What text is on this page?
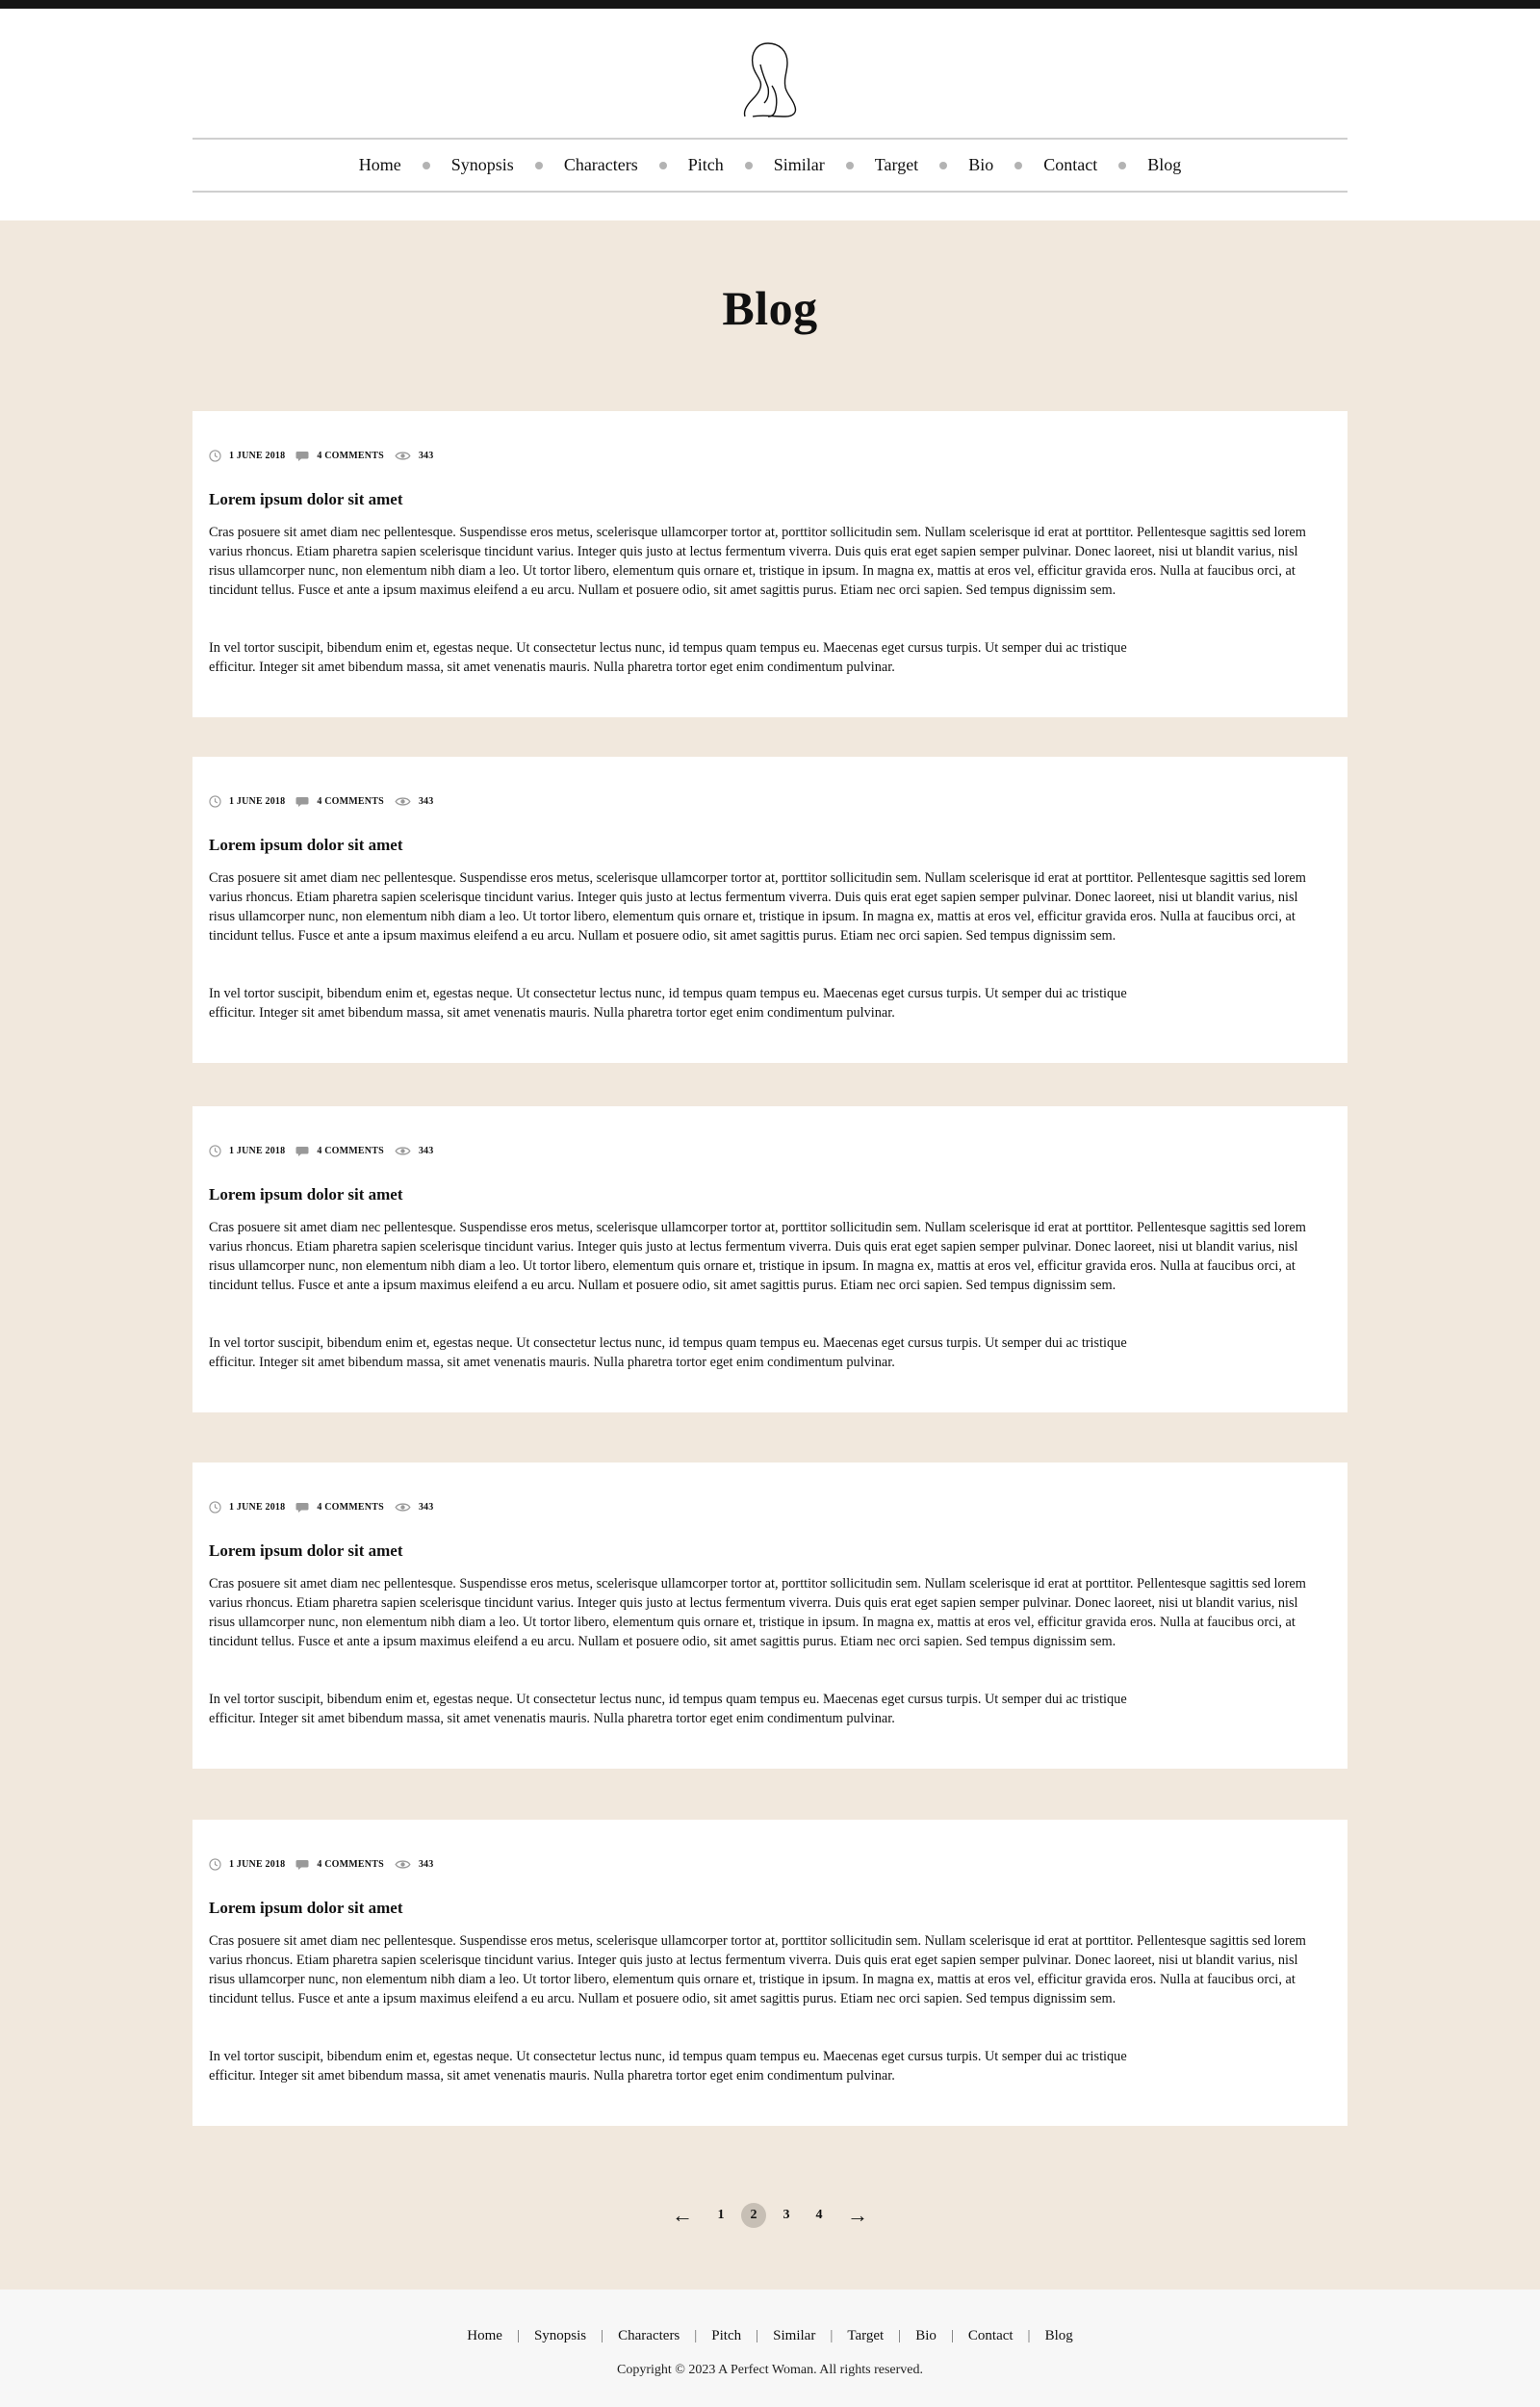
Home	Synopsis	Characters	Pitch	Similar	Target	Bio	Contact	Blog
Blog
1 JUNE 2018	4 COMMENTS	343
Lorem ipsum dolor sit amet

Cras posuere sit amet diam nec pellentesque. Suspendisse eros metus, scelerisque ullamcorper tortor at, porttitor sollicitudin sem. Nullam scelerisque id erat at porttitor. Pellentesque sagittis sed lorem varius rhoncus. Etiam pharetra sapien scelerisque tincidunt varius. Integer quis justo at lectus fermentum viverra. Duis quis erat eget sapien semper pulvinar. Donec laoreet, nisi ut blandit varius, nisl risus ullamcorper nunc, non elementum nibh diam a leo. Ut tortor libero, elementum quis ornare et, tristique in ipsum. In magna ex, mattis at eros vel, efficitur gravida eros. Nulla at faucibus orci, at tincidunt tellus. Fusce et ante a ipsum maximus eleifend a eu arcu. Nullam et posuere odio, sit amet sagittis purus. Etiam nec orci sapien. Sed tempus dignissim sem.

In vel tortor suscipit, bibendum enim et, egestas neque. Ut consectetur lectus nunc, id tempus quam tempus eu. Maecenas eget cursus turpis. Ut semper dui ac tristique efficitur. Integer sit amet bibendum massa, sit amet venenatis mauris. Nulla pharetra tortor eget enim condimentum pulvinar.

1 JUNE 2018	4 COMMENTS	343
Lorem ipsum dolor sit amet

Cras posuere sit amet diam nec pellentesque. Suspendisse eros metus, scelerisque ullamcorper tortor at, porttitor sollicitudin sem. Nullam scelerisque id erat at porttitor. Pellentesque sagittis sed lorem varius rhoncus. Etiam pharetra sapien scelerisque tincidunt varius. Integer quis justo at lectus fermentum viverra. Duis quis erat eget sapien semper pulvinar. Donec laoreet, nisi ut blandit varius, nisl risus ullamcorper nunc, non elementum nibh diam a leo. Ut tortor libero, elementum quis ornare et, tristique in ipsum. In magna ex, mattis at eros vel, efficitur gravida eros. Nulla at faucibus orci, at tincidunt tellus. Fusce et ante a ipsum maximus eleifend a eu arcu. Nullam et posuere odio, sit amet sagittis purus. Etiam nec orci sapien. Sed tempus dignissim sem.

In vel tortor suscipit, bibendum enim et, egestas neque. Ut consectetur lectus nunc, id tempus quam tempus eu. Maecenas eget cursus turpis. Ut semper dui ac tristique efficitur. Integer sit amet bibendum massa, sit amet venenatis mauris. Nulla pharetra tortor eget enim condimentum pulvinar.

1 JUNE 2018	4 COMMENTS	343
Lorem ipsum dolor sit amet

Cras posuere sit amet diam nec pellentesque. Suspendisse eros metus, scelerisque ullamcorper tortor at, porttitor sollicitudin sem. Nullam scelerisque id erat at porttitor. Pellentesque sagittis sed lorem varius rhoncus. Etiam pharetra sapien scelerisque tincidunt varius. Integer quis justo at lectus fermentum viverra. Duis quis erat eget sapien semper pulvinar. Donec laoreet, nisi ut blandit varius, nisl risus ullamcorper nunc, non elementum nibh diam a leo. Ut tortor libero, elementum quis ornare et, tristique in ipsum. In magna ex, mattis at eros vel, efficitur gravida eros. Nulla at faucibus orci, at tincidunt tellus. Fusce et ante a ipsum maximus eleifend a eu arcu. Nullam et posuere odio, sit amet sagittis purus. Etiam nec orci sapien. Sed tempus dignissim sem.

In vel tortor suscipit, bibendum enim et, egestas neque. Ut consectetur lectus nunc, id tempus quam tempus eu. Maecenas eget cursus turpis. Ut semper dui ac tristique efficitur. Integer sit amet bibendum massa, sit amet venenatis mauris. Nulla pharetra tortor eget enim condimentum pulvinar.

1 JUNE 2018	4 COMMENTS	343
Lorem ipsum dolor sit amet

Cras posuere sit amet diam nec pellentesque. Suspendisse eros metus, scelerisque ullamcorper tortor at, porttitor sollicitudin sem. Nullam scelerisque id erat at porttitor. Pellentesque sagittis sed lorem varius rhoncus. Etiam pharetra sapien scelerisque tincidunt varius. Integer quis justo at lectus fermentum viverra. Duis quis erat eget sapien semper pulvinar. Donec laoreet, nisi ut blandit varius, nisl risus ullamcorper nunc, non elementum nibh diam a leo. Ut tortor libero, elementum quis ornare et, tristique in ipsum. In magna ex, mattis at eros vel, efficitur gravida eros. Nulla at faucibus orci, at tincidunt tellus. Fusce et ante a ipsum maximus eleifend a eu arcu. Nullam et posuere odio, sit amet sagittis purus. Etiam nec orci sapien. Sed tempus dignissim sem.

In vel tortor suscipit, bibendum enim et, egestas neque. Ut consectetur lectus nunc, id tempus quam tempus eu. Maecenas eget cursus turpis. Ut semper dui ac tristique efficitur. Integer sit amet bibendum massa, sit amet venenatis mauris. Nulla pharetra tortor eget enim condimentum pulvinar.

1 JUNE 2018	4 COMMENTS	343
Lorem ipsum dolor sit amet

Cras posuere sit amet diam nec pellentesque. Suspendisse eros metus, scelerisque ullamcorper tortor at, porttitor sollicitudin sem. Nullam scelerisque id erat at porttitor. Pellentesque sagittis sed lorem varius rhoncus. Etiam pharetra sapien scelerisque tincidunt varius. Integer quis justo at lectus fermentum viverra. Duis quis erat eget sapien semper pulvinar. Donec laoreet, nisi ut blandit varius, nisl risus ullamcorper nunc, non elementum nibh diam a leo. Ut tortor libero, elementum quis ornare et, tristique in ipsum. In magna ex, mattis at eros vel, efficitur gravida eros. Nulla at faucibus orci, at tincidunt tellus. Fusce et ante a ipsum maximus eleifend a eu arcu. Nullam et posuere odio, sit amet sagittis purus. Etiam nec orci sapien. Sed tempus dignissim sem.

In vel tortor suscipit, bibendum enim et, egestas neque. Ut consectetur lectus nunc, id tempus quam tempus eu. Maecenas eget cursus turpis. Ut semper dui ac tristique efficitur. Integer sit amet bibendum massa, sit amet venenatis mauris. Nulla pharetra tortor eget enim condimentum pulvinar.

←	1	2	3	4	→
Home | Synopsis | Characters | Pitch | Similar | Target | Bio | Contact | Blog
Copyright © 2023 A Perfect Woman. All rights reserved.
